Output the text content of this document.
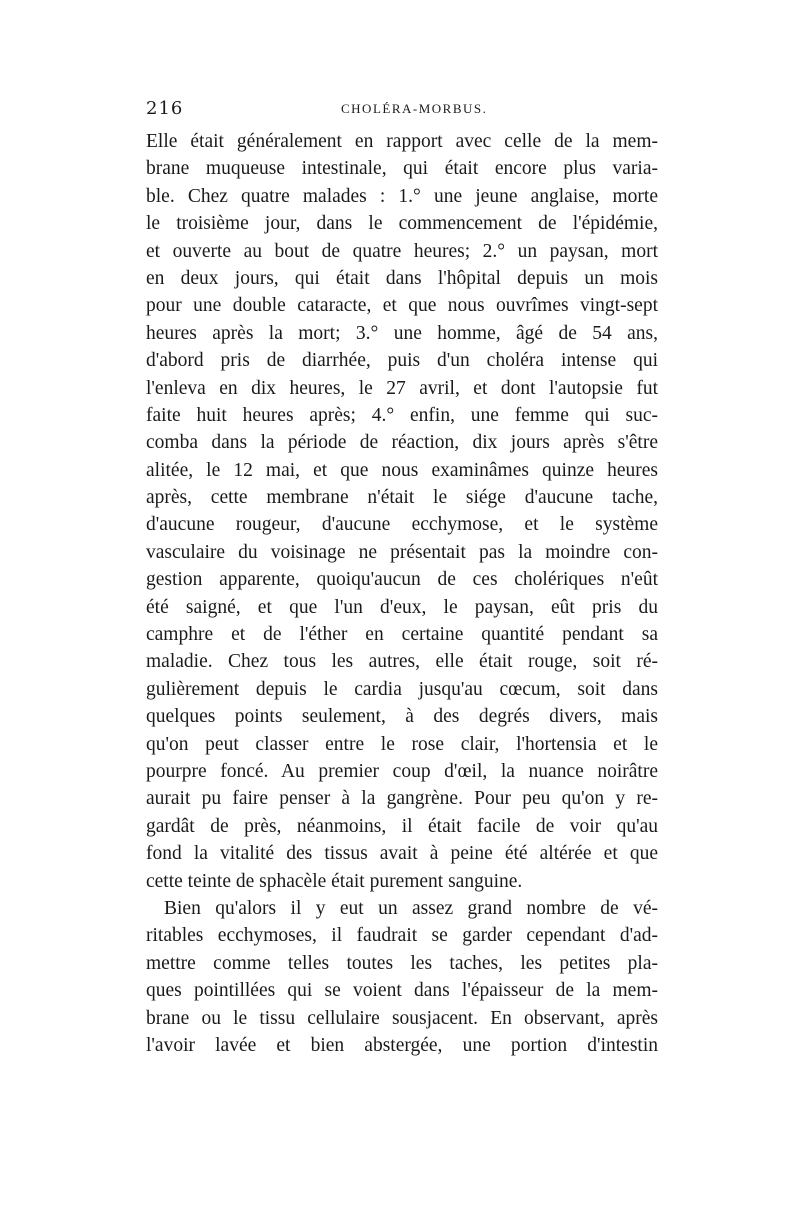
216	CHOLÉRA-MORBUS.
Elle était généralement en rapport avec celle de la mem-
brane muqueuse intestinale, qui était encore plus varia-
ble. Chez quatre malades : 1.° une jeune anglaise, morte
le troisième jour, dans le commencement de l'épidémie,
et ouverte au bout de quatre heures; 2.° un paysan, mort
en deux jours, qui était dans l'hôpital depuis un mois
pour une double cataracte, et que nous ouvrîmes vingt-sept
heures après la mort; 3.° une homme, âgé de 54 ans,
d'abord pris de diarrhée, puis d'un choléra intense qui
l'enleva en dix heures, le 27 avril, et dont l'autopsie fut
faite huit heures après; 4.° enfin, une femme qui suc-
comba dans la période de réaction, dix jours après s'être
alitée, le 12 mai, et que nous examinâmes quinze heures
après, cette membrane n'était le siége d'aucune tache,
d'aucune rougeur, d'aucune ecchymose, et le système
vasculaire du voisinage ne présentait pas la moindre con-
gestion apparente, quoiqu'aucun de ces cholériques n'eût
été saigné, et que l'un d'eux, le paysan, eût pris du
camphre et de l'éther en certaine quantité pendant sa
maladie. Chez tous les autres, elle était rouge, soit ré-
gulièrement depuis le cardia jusqu'au cœcum, soit dans
quelques points seulement, à des degrés divers, mais
qu'on peut classer entre le rose clair, l'hortensia et le
pourpre foncé. Au premier coup d'œil, la nuance noirâtre
aurait pu faire penser à la gangrène. Pour peu qu'on y re-
gardât de près, néanmoins, il était facile de voir qu'au
fond la vitalité des tissus avait à peine été altérée et que
cette teinte de sphacèle était purement sanguine.
Bien qu'alors il y eut un assez grand nombre de vé-
ritables ecchymoses, il faudrait se garder cependant d'ad-
mettre comme telles toutes les taches, les petites pla-
ques pointillées qui se voient dans l'épaisseur de la mem-
brane ou le tissu cellulaire sousjacent. En observant, après
l'avoir lavée et bien abstergée, une portion d'intestin
